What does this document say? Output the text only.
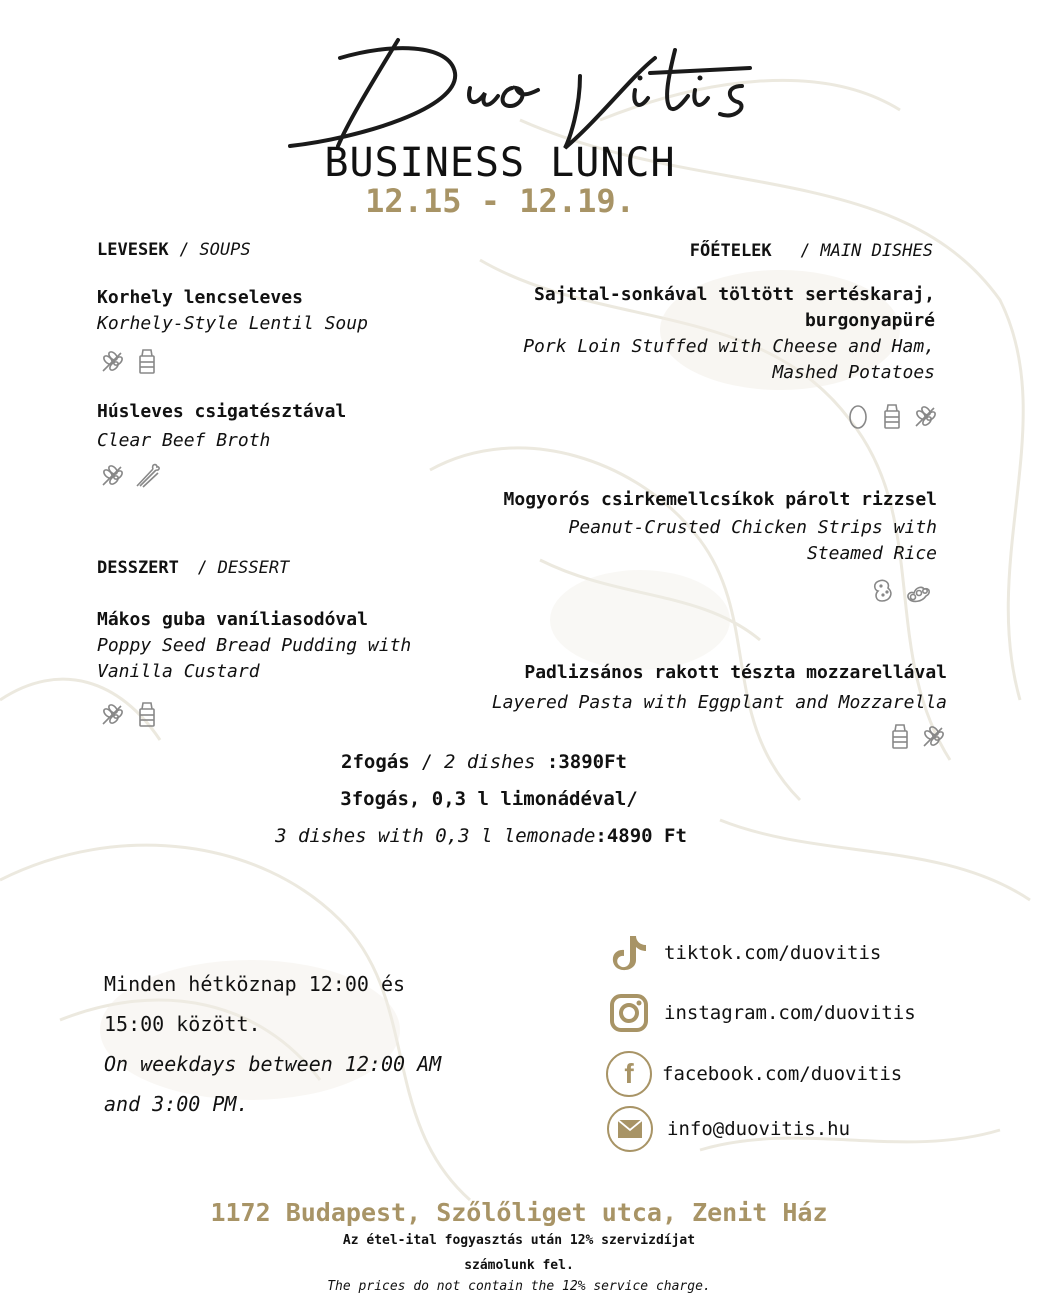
BUSINESS LUNCH
12.15 - 12.19.
LEVESEK / SOUPS
Korhely lencseleves
Korhely-Style Lentil Soup
Húsleves csigatésztával
Clear Beef Broth
DESSZERT / DESSERT
Mákos guba vaníliasodóval
Poppy Seed Bread Pudding with
Vanilla Custard
FŐÉTELEK / MAIN DISHES
Sajttal-sonkával töltött sertéskaraj,
burgonyapüré
Pork Loin Stuffed with Cheese and Ham,
Mashed Potatoes
Mogyorós csirkemellcsíkok párolt rizzsel
Peanut-Crusted Chicken Strips with
Steamed Rice
Padlizsános rakott tészta mozzarellával
Layered Pasta with Eggplant and Mozzarella
2fogás / 2 dishes :3890Ft
3fogás, 0,3 l limonádéval/
3 dishes with 0,3 l lemonade:4890 Ft
Minden hétköznap 12:00 és
15:00 között.
On weekdays between 12:00 AM
and 3:00 PM.
tiktok.com/duovitis
instagram.com/duovitis
f facebook.com/duovitis
info@duovitis.hu
1172 Budapest, Szőlőliget utca, Zenit Ház
Az étel-ital fogyasztás után 12% szervizdíjat
számolunk fel.
The prices do not contain the 12% service charge.
